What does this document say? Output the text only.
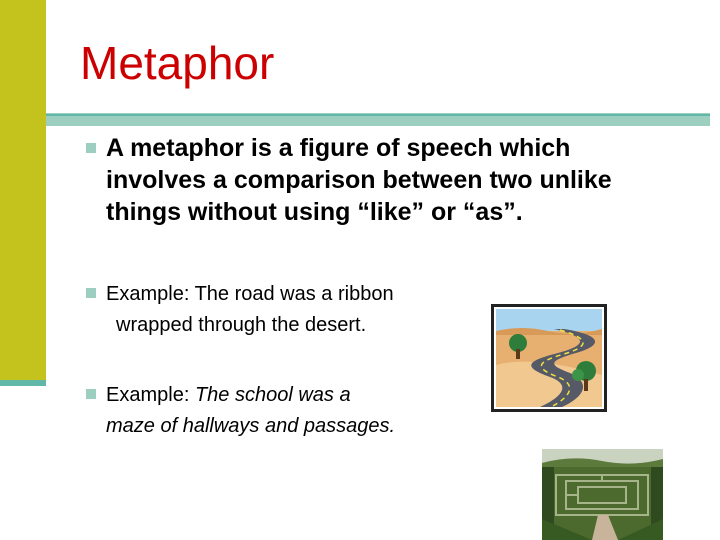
Metaphor
A metaphor is a figure of speech which involves a comparison between two unlike things without using “like” or “as”.
Example: The road was a ribbon
wrapped through the desert.
Example: The school was a
maze of hallways and passages.
